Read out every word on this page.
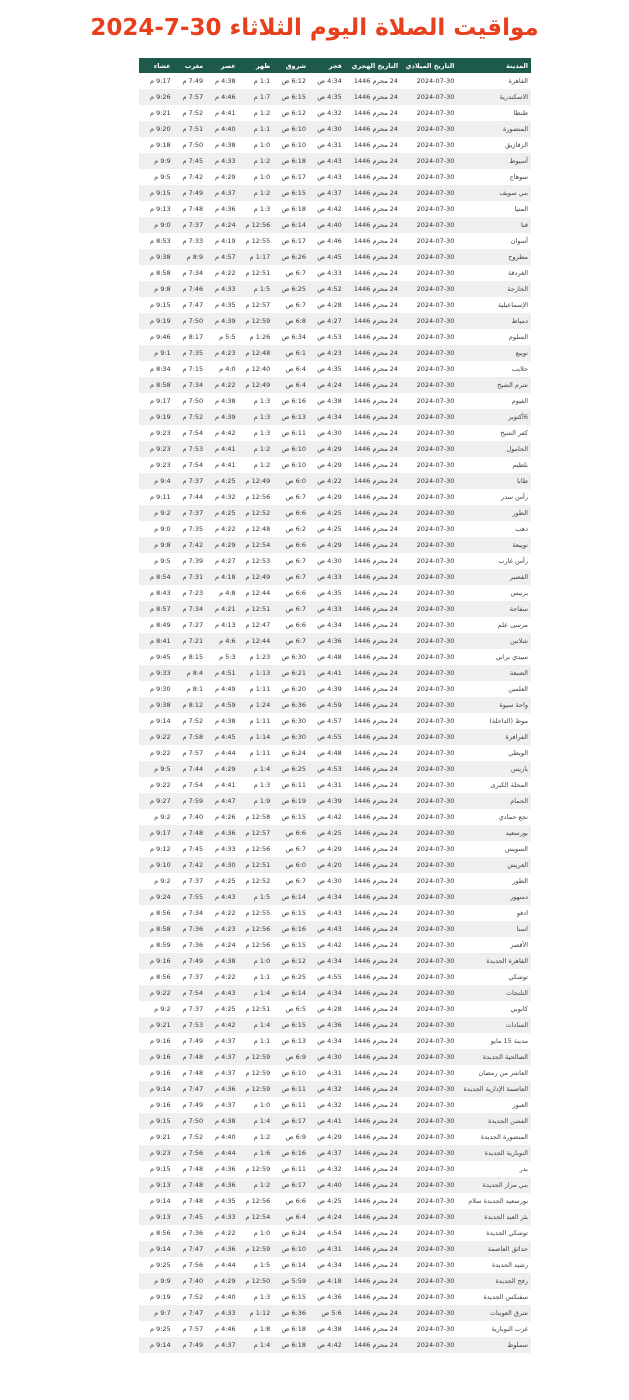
مواقيت الصلاة اليوم الثلاثاء 30-7-2024
المدينة	التاريخ الميلادي	التاريخ الهجري	فجر	شروق	ظهر	عصر	مغرب	عشاء
القاهرة	2024-07-30	24 محرم 1446	4:34 ص	6:12 ص	1:1 م	4:38 م	7:49 م	9:17 م
الاسكندرية	2024-07-30	24 محرم 1446	4:35 ص	6:15 ص	1:7 م	4:46 م	7:57 م	9:26 م
طنطا	2024-07-30	24 محرم 1446	4:32 ص	6:12 ص	1:2 م	4:41 م	7:52 م	9:21 م
المنصورة	2024-07-30	24 محرم 1446	4:30 ص	6:10 ص	1:1 م	4:40 م	7:51 م	9:20 م
الزقازيق	2024-07-30	24 محرم 1446	4:31 ص	6:10 ص	1:0 م	4:38 م	7:50 م	9:18 م
أسيوط	2024-07-30	24 محرم 1446	4:43 ص	6:18 ص	1:2 م	4:33 م	7:45 م	9:9 م
سوهاج	2024-07-30	24 محرم 1446	4:43 ص	6:17 ص	1:0 م	4:29 م	7:42 م	9:5 م
بني سويف	2024-07-30	24 محرم 1446	4:37 ص	6:15 ص	1:2 م	4:37 م	7:49 م	9:15 م
المنيا	2024-07-30	24 محرم 1446	4:42 ص	6:18 ص	1:3 م	4:36 م	7:48 م	9:13 م
قنا	2024-07-30	24 محرم 1446	4:40 ص	6:14 ص	12:56 م	4:24 م	7:37 م	9:0 م
أسوان	2024-07-30	24 محرم 1446	4:46 ص	6:17 ص	12:55 م	4:19 م	7:33 م	8:53 م
مطروح	2024-07-30	24 محرم 1446	4:45 ص	6:26 ص	1:17 م	4:57 م	8:9 م	9:38 م
الغردقة	2024-07-30	24 محرم 1446	4:33 ص	6:7 ص	12:51 م	4:22 م	7:34 م	8:58 م
الخارجة	2024-07-30	24 محرم 1446	4:52 ص	6:25 ص	1:5 م	4:33 م	7:46 م	9:8 م
الإسماعيلية	2024-07-30	24 محرم 1446	4:28 ص	6:7 ص	12:57 م	4:35 م	7:47 م	9:15 م
دمياط	2024-07-30	24 محرم 1446	4:27 ص	6:8 ص	12:59 م	4:39 م	7:50 م	9:19 م
السلوم	2024-07-30	24 محرم 1446	4:53 ص	6:34 ص	1:26 م	5:5 م	8:17 م	9:46 م
نويبع	2024-07-30	24 محرم 1446	4:23 ص	6:1 ص	12:48 م	4:23 م	7:35 م	9:1 م
حلايب	2024-07-30	24 محرم 1446	4:35 ص	6:4 ص	12:40 م	4:0 م	7:15 م	8:34 م
شرم الشيخ	2024-07-30	24 محرم 1446	4:24 ص	6:4 ص	12:49 م	4:22 م	7:34 م	8:58 م
الفيوم	2024-07-30	24 محرم 1446	4:38 ص	6:16 ص	1:3 م	4:38 م	7:50 م	9:17 م
6أكتوبر	2024-07-30	24 محرم 1446	4:34 ص	6:13 ص	1:3 م	4:39 م	7:52 م	9:19 م
كفر الشيخ	2024-07-30	24 محرم 1446	4:30 ص	6:11 ص	1:3 م	4:42 م	7:54 م	9:23 م
الحامول	2024-07-30	24 محرم 1446	4:29 ص	6:10 ص	1:2 م	4:41 م	7:53 م	9:23 م
بلطيم	2024-07-30	24 محرم 1446	4:29 ص	6:10 ص	1:2 م	4:41 م	7:54 م	9:23 م
طابا	2024-07-30	24 محرم 1446	4:22 ص	6:0 ص	12:49 م	4:25 م	7:37 م	9:4 م
رأس سدر	2024-07-30	24 محرم 1446	4:29 ص	6:7 ص	12:56 م	4:32 م	7:44 م	9:11 م
الطور	2024-07-30	24 محرم 1446	4:25 ص	6:6 ص	12:52 م	4:25 م	7:37 م	9:2 م
دهب	2024-07-30	24 محرم 1446	4:25 ص	6:2 ص	12:48 م	4:22 م	7:35 م	9:0 م
نويبعة	2024-07-30	24 محرم 1446	4:29 ص	6:6 ص	12:54 م	4:29 م	7:42 م	9:8 م
رأس غارب	2024-07-30	24 محرم 1446	4:30 ص	6:7 ص	12:53 م	4:27 م	7:39 م	9:5 م
القصير	2024-07-30	24 محرم 1446	4:33 ص	6:7 ص	12:49 م	4:18 م	7:31 م	8:54 م
برنيس	2024-07-30	24 محرم 1446	4:35 ص	6:6 ص	12:44 م	4:8 م	7:23 م	8:43 م
سفاجة	2024-07-30	24 محرم 1446	4:33 ص	6:7 ص	12:51 م	4:21 م	7:34 م	8:57 م
مرسى علم	2024-07-30	24 محرم 1446	4:34 ص	6:6 ص	12:47 م	4:13 م	7:27 م	8:49 م
شلاتين	2024-07-30	24 محرم 1446	4:36 ص	6:7 ص	12:44 م	4:6 م	7:21 م	8:41 م
سيدي براني	2024-07-30	24 محرم 1446	4:48 ص	6:30 ص	1:23 م	5:3 م	8:15 م	9:45 م
الضبعة	2024-07-30	24 محرم 1446	4:41 ص	6:21 ص	1:13 م	4:51 م	8:4 م	9:33 م
العلمين	2024-07-30	24 محرم 1446	4:39 ص	6:20 ص	1:11 م	4:49 م	8:1 م	9:30 م
واحة سيوة	2024-07-30	24 محرم 1446	4:59 ص	6:36 ص	1:24 م	4:59 م	8:12 م	9:38 م
موط (الداخلة)	2024-07-30	24 محرم 1446	4:57 ص	6:30 ص	1:11 م	4:38 م	7:52 م	9:14 م
الفرافرة	2024-07-30	24 محرم 1446	4:55 ص	6:30 ص	1:14 م	4:45 م	7:58 م	9:22 م
الويطي	2024-07-30	24 محرم 1446	4:48 ص	6:24 ص	1:11 م	4:44 م	7:57 م	9:22 م
باريس	2024-07-30	24 محرم 1446	4:53 ص	6:25 ص	1:4 م	4:29 م	7:44 م	9:5 م
المحلة الكبرى	2024-07-30	24 محرم 1446	4:31 ص	6:11 ص	1:3 م	4:41 م	7:54 م	9:22 م
الحمام	2024-07-30	24 محرم 1446	4:39 ص	6:19 ص	1:9 م	4:47 م	7:59 م	9:27 م
نجع حمادي	2024-07-30	24 محرم 1446	4:42 ص	6:15 ص	12:58 م	4:26 م	7:40 م	9:2 م
بورسعيد	2024-07-30	24 محرم 1446	4:25 ص	6:6 ص	12:57 م	4:36 م	7:48 م	9:17 م
السويس	2024-07-30	24 محرم 1446	4:29 ص	6:7 ص	12:56 م	4:33 م	7:45 م	9:12 م
العريش	2024-07-30	24 محرم 1446	4:20 ص	6:0 ص	12:51 م	4:30 م	7:42 م	9:10 م
الطور	2024-07-30	24 محرم 1446	4:30 ص	6:7 ص	12:52 م	4:25 م	7:37 م	9:2 م
دمنهور	2024-07-30	24 محرم 1446	4:34 ص	6:14 ص	1:5 م	4:43 م	7:55 م	9:24 م
ادفو	2024-07-30	24 محرم 1446	4:43 ص	6:15 ص	12:55 م	4:22 م	7:34 م	8:56 م
اسنا	2024-07-30	24 محرم 1446	4:43 ص	6:16 ص	12:56 م	4:23 م	7:36 م	8:58 م
الأقصر	2024-07-30	24 محرم 1446	4:42 ص	6:15 ص	12:56 م	4:24 م	7:36 م	8:59 م
القاهرة الجديدة	2024-07-30	24 محرم 1446	4:34 ص	6:12 ص	1:0 م	4:38 م	7:49 م	9:16 م
توشكي	2024-07-30	24 محرم 1446	4:55 ص	6:25 ص	1:1 م	4:22 م	7:37 م	8:56 م
التلتجات	2024-07-30	24 محرم 1446	4:34 ص	6:14 ص	1:4 م	4:43 م	7:54 م	9:22 م
كانوبي	2024-07-30	24 محرم 1446	4:28 ص	6:5 ص	12:51 م	4:25 م	7:37 م	9:2 م
السادات	2024-07-30	24 محرم 1446	4:36 ص	6:15 ص	1:4 م	4:42 م	7:53 م	9:21 م
مدينة 15 مايو	2024-07-30	24 محرم 1446	4:34 ص	6:13 ص	1:1 م	4:37 م	7:49 م	9:16 م
الصالحية الجديدة	2024-07-30	24 محرم 1446	4:30 ص	6:9 ص	12:59 م	4:37 م	7:48 م	9:16 م
العاشر من رمضان	2024-07-30	24 محرم 1446	4:31 ص	6:10 ص	12:59 م	4:37 م	7:48 م	9:16 م
العاصمة الإدارية الجديدة	2024-07-30	24 محرم 1446	4:32 ص	6:11 ص	12:59 م	4:36 م	7:47 م	9:14 م
العبور	2024-07-30	24 محرم 1446	4:32 ص	6:11 ص	1:0 م	4:37 م	7:49 م	9:16 م
الفشن الجديدة	2024-07-30	24 محرم 1446	4:41 ص	6:17 ص	1:4 م	4:38 م	7:50 م	9:15 م
المنصورة الجديدة	2024-07-30	24 محرم 1446	4:29 ص	6:9 ص	1:2 م	4:40 م	7:52 م	9:21 م
النوبارية الجديدة	2024-07-30	24 محرم 1446	4:37 ص	6:16 ص	1:6 م	4:44 م	7:56 م	9:23 م
بدر	2024-07-30	24 محرم 1446	4:32 ص	6:11 ص	12:59 م	4:36 م	7:48 م	9:15 م
بني مزار الجديدة	2024-07-30	24 محرم 1446	4:40 ص	6:17 ص	1:2 م	4:36 م	7:48 م	9:13 م
بورسعيد الجديدة سلام	2024-07-30	24 محرم 1446	4:25 ص	6:6 ص	12:56 م	4:35 م	7:48 م	9:14 م
بئر العبد الجديدة	2024-07-30	24 محرم 1446	4:24 ص	6:4 ص	12:54 م	4:33 م	7:45 م	9:13 م
توشكي الجديدة	2024-07-30	24 محرم 1446	4:54 ص	6:24 ص	1:0 م	4:22 م	7:36 م	8:56 م
حدائق العاصمة	2024-07-30	24 محرم 1446	4:31 ص	6:10 ص	12:59 م	4:36 م	7:47 م	9:14 م
رشيد الجديدة	2024-07-30	24 محرم 1446	4:34 ص	6:14 ص	1:5 م	4:44 م	7:56 م	9:25 م
رفح الجديدة	2024-07-30	24 محرم 1446	4:18 ص	5:59 ص	12:50 م	4:29 م	7:40 م	9:9 م
سفنكس الجديدة	2024-07-30	24 محرم 1446	4:36 ص	6:15 ص	1:3 م	4:40 م	7:52 م	9:19 م
شرق العوينات	2024-07-30	24 محرم 1446	5:6 ص	6:36 ص	1:12 م	4:33 م	7:47 م	9:7 م
غرب النوبارية	2024-07-30	24 محرم 1446	4:38 ص	6:18 ص	1:8 م	4:46 م	7:57 م	9:25 م
سملوط	2024-07-30	24 محرم 1446	4:42 ص	6:18 ص	1:4 م	4:37 م	7:49 م	9:14 م
